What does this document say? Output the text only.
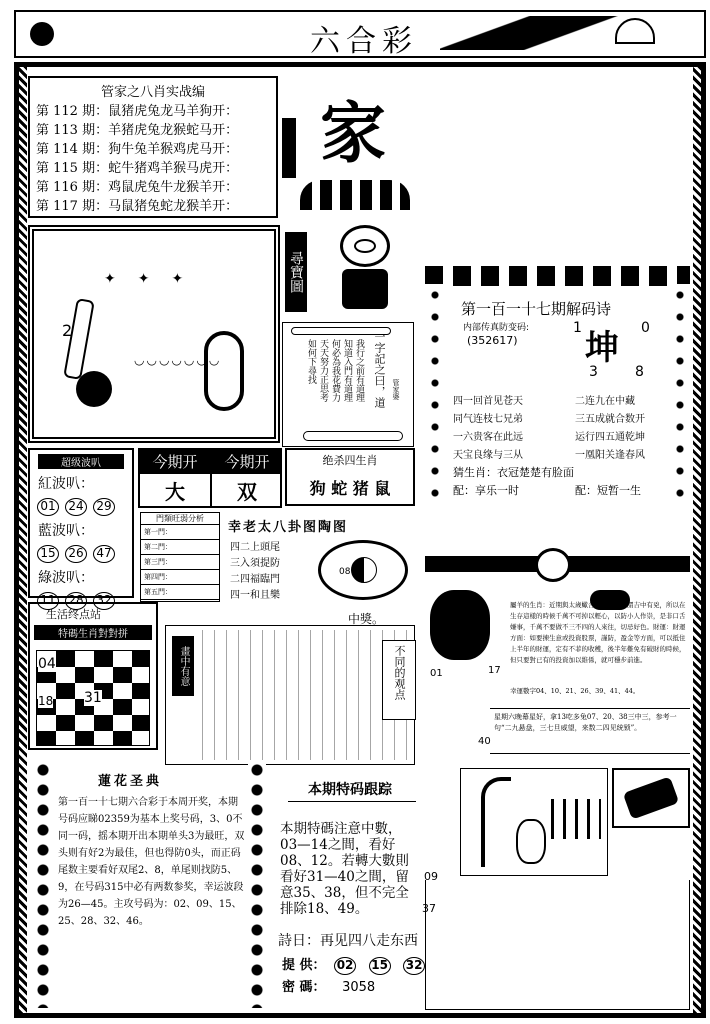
六合彩
管家之八肖实战编
第 112 期：鼠猪虎兔龙马羊狗开：
第 113 期：羊猪虎兔龙猴蛇马开：
第 114 期：狗牛兔羊猴鸡虎马开：
第 115 期：蛇牛猪鸡羊猴马虎开：
第 116 期：鸡鼠虎兔牛龙猴羊开：
第 117 期：马鼠猪兔蛇龙猴羊开：
家
尋寶圖
2
✦✦✦
◡◡◡◡◡◡◡	一字記之曰，道
我行之前有道理
知道入門有道理
何必為我花費力
天天努力正思考
如何下尋找
管家婆
第一百一十七期解码诗
内部传真防变码:
(352617) 坤
1	0
3	8
四一回首见苍天	二连九在中藏
同气连枝七兄弟	三五成就合数开
一六贵客在此远	运行四五通乾坤
天宝良缘与三从	一凰阳关逢春风
猜生肖：衣冠楚楚有脸面
配：享乐一时	配：短暂一生
超级波叭
紅波叭：
01 24 29
藍波叭：
15 26 47
綠波叭：
11 28 32
今期开	今期开
大	双
绝杀四生肖
狗 蛇 猪 鼠
門類旺弱分析
第一門：
第二門：
第三門：
第四門：
第五門：
幸老太八卦图陶图
四二上頭尾
三入須提防
二四福臨門
四一和且樂
08
生活终点站
特碼生肖對對拼
04
31
18
中獎。
畫中有意	不同的观点
屬羊的生肖：近期與太歲蠍合但又見，可謂吉中有兇，所以在生存這樣的時候千萬不可掉以輕心，以防小人作崇，是非口舌嫌事，千萬不要做不三不四的人來往，切忌好色。財運：財運方面：如要揀生意或投資股票，謹防，盈金等方面，可以抵住上半年的財運，定有不菲的收穫，後半年難免有破財的時候，但只要對已有的投資加以維係，就可穩步前進。
幸運數字04、10、21、26、39、41、44。
01	17
40
星期六晚幕星好，拿13吃多兔07、20、38三中三，参考一句“二九悬盘，三七旦威望，来数二四见统锁”。
蓮花圣典
第一百一十七期六合彩于本周开奖，本期号码应睇02359为基本上奖号码，3、0不同一码，摇本期开出本期单头3为最旺，双头则有好2为最佳，但也得防0头，而正码尾数主要看好双尾2、8，单尾则找防5、9，在号码315中必有两数参奖，幸运波段为26—45。主攻号码为：02、09、15、25、28、32、46。
本期特码跟踪
本期特碼注意中數，03—14之間，看好08、12。若轉大數則看好31—40之間，留意35、38，但不完全排除18、49。
09
37
詩日：再见四八走东西
提 供： 02 15 32
密 碼： 3058
